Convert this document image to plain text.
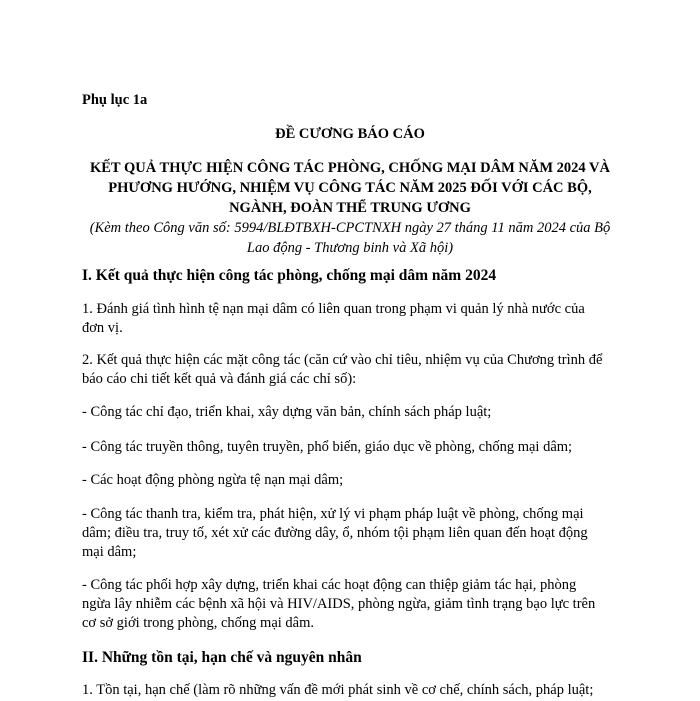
Phụ lục 1a

ĐỀ CƯƠNG BÁO CÁO

KẾT QUẢ THỰC HIỆN CÔNG TÁC PHÒNG, CHỐNG MẠI DÂM NĂM 2024 VÀ

PHƯƠNG HƯỚNG, NHIỆM VỤ CÔNG TÁC NĂM 2025 ĐỐI VỚI CÁC BỘ,

NGÀNH, ĐOÀN THỂ TRUNG ƯƠNG

(Kèm theo Công văn số: 5994/BLĐTBXH-CPCTNXH ngày 27 tháng 11 năm 2024 của Bộ

Lao động - Thương binh và Xã hội)

I. Kết quả thực hiện công tác phòng, chống mại dâm năm 2024

1. Đánh giá tình hình tệ nạn mại dâm có liên quan trong phạm vi quản lý nhà nước của

đơn vị.

2. Kết quả thực hiện các mặt công tác (căn cứ vào chỉ tiêu, nhiệm vụ của Chương trình để

báo cáo chi tiết kết quả và đánh giá các chỉ số):

- Công tác chỉ đạo, triển khai, xây dựng văn bản, chính sách pháp luật;

- Công tác truyền thông, tuyên truyền, phổ biến, giáo dục về phòng, chống mại dâm;

- Các hoạt động phòng ngừa tệ nạn mại dâm;

- Công tác thanh tra, kiểm tra, phát hiện, xử lý vi phạm pháp luật về phòng, chống mại

dâm; điều tra, truy tố, xét xử các đường dây, ổ, nhóm tội phạm liên quan đến hoạt động

mại dâm;

- Công tác phối hợp xây dựng, triển khai các hoạt động can thiệp giảm tác hại, phòng

ngừa lây nhiễm các bệnh xã hội và HIV/AIDS, phòng ngừa, giảm tình trạng bạo lực trên

cơ sở giới trong phòng, chống mại dâm.

II. Những tồn tại, hạn chế và nguyên nhân

1. Tồn tại, hạn chế (làm rõ những vấn đề mới phát sinh về cơ chế, chính sách, pháp luật;
